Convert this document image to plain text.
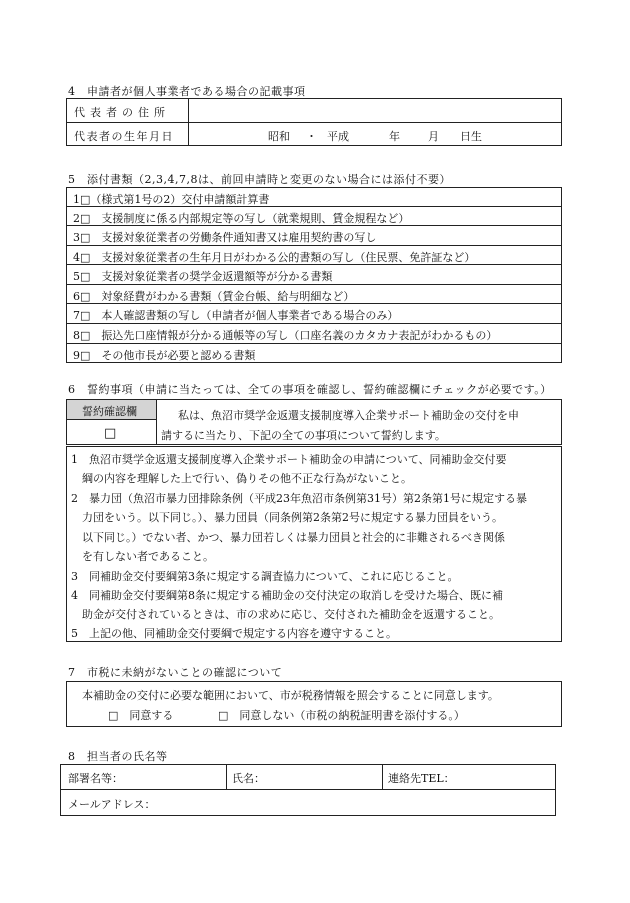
4　申請者が個人事業者である場合の記載事項
代表者の住所
代表者の生年月日	昭和 ・ 平成	年	月 日生
5　添付書類（2,3,4,7,8は、前回申請時と変更のない場合には添付不要）
1□（様式第1号の2）交付申請額計算書
2□　支援制度に係る内部規定等の写し（就業規則、賃金規程など）
3□　支援対象従業者の労働条件通知書又は雇用契約書の写し
4□　支援対象従業者の生年月日がわかる公的書類の写し（住民票、免許証など）
5□　支援対象従業者の奨学金返還額等が分かる書類
6□　対象経費がわかる書類（賃金台帳、給与明細など）
7□　本人確認書類の写し（申請者が個人事業者である場合のみ）
8□　振込先口座情報が分かる通帳等の写し（口座名義のカタカナ表記がわかるもの）
9□　その他市長が必要と認める書類
6　誓約事項（申請に当たっては、全ての事項を確認し、誓約確認欄にチェックが必要です。）
誓約確認欄
□
私は、魚沼市奨学金返還支援制度導入企業サポート補助金の交付を申
請するに当たり、下記の全ての事項について誓約します。
1　魚沼市奨学金返還支援制度導入企業サポート補助金の申請について、同補助金交付要
　綱の内容を理解した上で行い、偽りその他不正な行為がないこと。
2　暴力団（魚沼市暴力団排除条例（平成23年魚沼市条例第31号）第2条第1号に規定する暴
　力団をいう。以下同じ。）、暴力団員（同条例第2条第2号に規定する暴力団員をいう。
　以下同じ。）でない者、かつ、暴力団若しくは暴力団員と社会的に非難されるべき関係
　を有しない者であること。
3　同補助金交付要綱第3条に規定する調査協力について、これに応じること。
4　同補助金交付要綱第8条に規定する補助金の交付決定の取消しを受けた場合、既に補
　助金が交付されているときは、市の求めに応じ、交付された補助金を返還すること。
5　上記の他、同補助金交付要綱で規定する内容を遵守すること。
7　市税に未納がないことの確認について
本補助金の交付に必要な範囲において、市が税務情報を照会することに同意します。
□　同意する	□　同意しない（市税の納税証明書を添付する。）
8　担当者の氏名等
部署名等：	氏名：	連絡先TEL：
メールアドレス：
